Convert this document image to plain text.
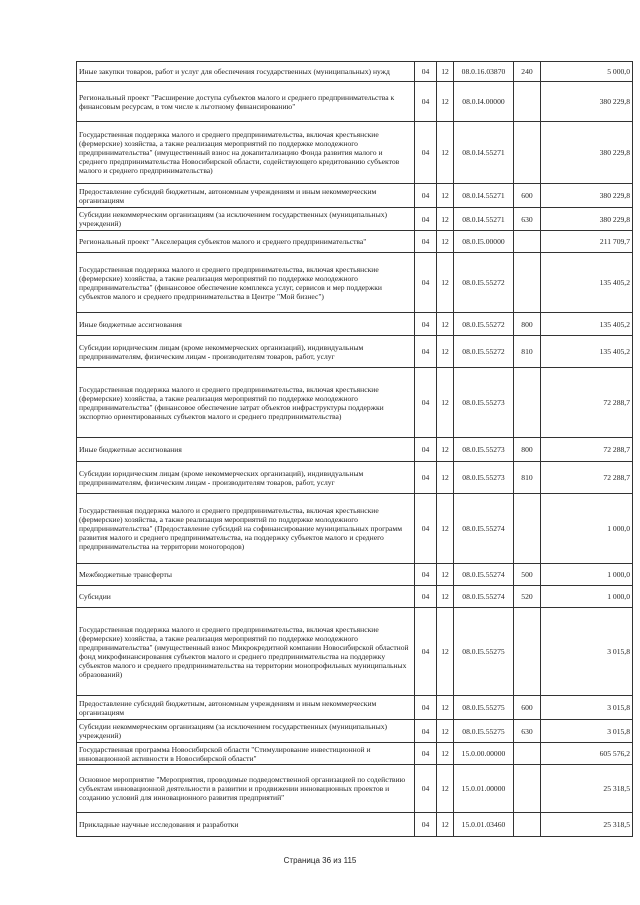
Иные закупки товаров, работ и услуг для обеспечения государственных (муниципальных) нужд	04	12	08.0.16.03870	240	5 000,0
Региональный проект "Расширение доступа субъектов малого и среднего предпринимательства к финансовым ресурсам, в том числе к льготному финансированию"	04	12	08.0.I4.00000		380 229,8
Государственная поддержка малого и среднего предпринимательства, включая крестьянские (фермерские) хозяйства, а также реализация мероприятий по поддержке молодежного предпринимательства" (имущественный взнос на докапитализацию Фонда развития малого и среднего предпринимательства Новосибирской области, содействующего кредитованию субъектов малого и среднего предпринимательства)	04	12	08.0.I4.55271		380 229,8
Предоставление субсидий бюджетным, автономным учреждениям и иным некоммерческим организациям	04	12	08.0.I4.55271	600	380 229,8
Субсидии некоммерческим организациям (за исключением государственных (муниципальных) учреждений)	04	12	08.0.I4.55271	630	380 229,8
Региональный проект "Акселерация субъектов малого и среднего предпринимательства"	04	12	08.0.I5.00000		211 709,7
Государственная поддержка малого и среднего предпринимательства, включая крестьянские (фермерские) хозяйства, а также реализация мероприятий по поддержке молодежного предпринимательства" (финансовое обеспечение комплекса услуг, сервисов и мер поддержки субъектов малого и среднего предпринимательства в Центре "Мой бизнес")	04	12	08.0.I5.55272		135 405,2
Иные бюджетные ассигнования	04	12	08.0.I5.55272	800	135 405,2
Субсидии юридическим лицам (кроме некоммерческих организаций), индивидуальным предпринимателям, физическим лицам - производителям товаров, работ, услуг	04	12	08.0.I5.55272	810	135 405,2
Государственная поддержка малого и среднего предпринимательства, включая крестьянские (фермерские) хозяйства, а также реализация мероприятий по поддержке молодежного предпринимательства" (финансовое обеспечение затрат объектов инфраструктуры поддержки экспортно ориентированных субъектов малого и среднего предпринимательства)	04	12	08.0.I5.55273		72 288,7
Иные бюджетные ассигнования	04	12	08.0.I5.55273	800	72 288,7
Субсидии юридическим лицам (кроме некоммерческих организаций), индивидуальным предпринимателям, физическим лицам - производителям товаров, работ, услуг	04	12	08.0.I5.55273	810	72 288,7
Государственная поддержка малого и среднего предпринимательства, включая крестьянские (фермерские) хозяйства, а также реализация мероприятий по поддержке молодежного предпринимательства" (Предоставление субсидий на софинансирование муниципальных программ развития малого и среднего предпринимательства, на поддержку субъектов малого и среднего предпринимательства на территории моногородов)	04	12	08.0.I5.55274		1 000,0
Межбюджетные трансферты	04	12	08.0.I5.55274	500	1 000,0
Субсидии	04	12	08.0.I5.55274	520	1 000,0
Государственная поддержка малого и среднего предпринимательства, включая крестьянские (фермерские) хозяйства, а также реализация мероприятий по поддержке молодежного предпринимательства" (имущественный взнос Микрокредитной компании Новосибирской областной фонд микрофинансирования субъектов малого и среднего предпринимательства на поддержку субъектов малого и среднего предпринимательства на территории монопрофильных муниципальных образований)	04	12	08.0.I5.55275		3 015,8
Предоставление субсидий бюджетным, автономным учреждениям и иным некоммерческим организациям	04	12	08.0.I5.55275	600	3 015,8
Субсидии некоммерческим организациям (за исключением государственных (муниципальных) учреждений)	04	12	08.0.I5.55275	630	3 015,8
Государственная программа Новосибирской области "Стимулирование инвестиционной и инновационной активности в Новосибирской области"	04	12	15.0.00.00000		605 576,2
Основное мероприятие "Мероприятия, проводимые подведомственной организацией по содействию субъектам инновационной деятельности в развитии и продвижении инновационных проектов и созданию условий для инновационного развития предприятий"	04	12	15.0.01.00000		25 318,5
Прикладные научные исследования и разработки	04	12	15.0.01.03460		25 318,5
Страница 36 из 115
